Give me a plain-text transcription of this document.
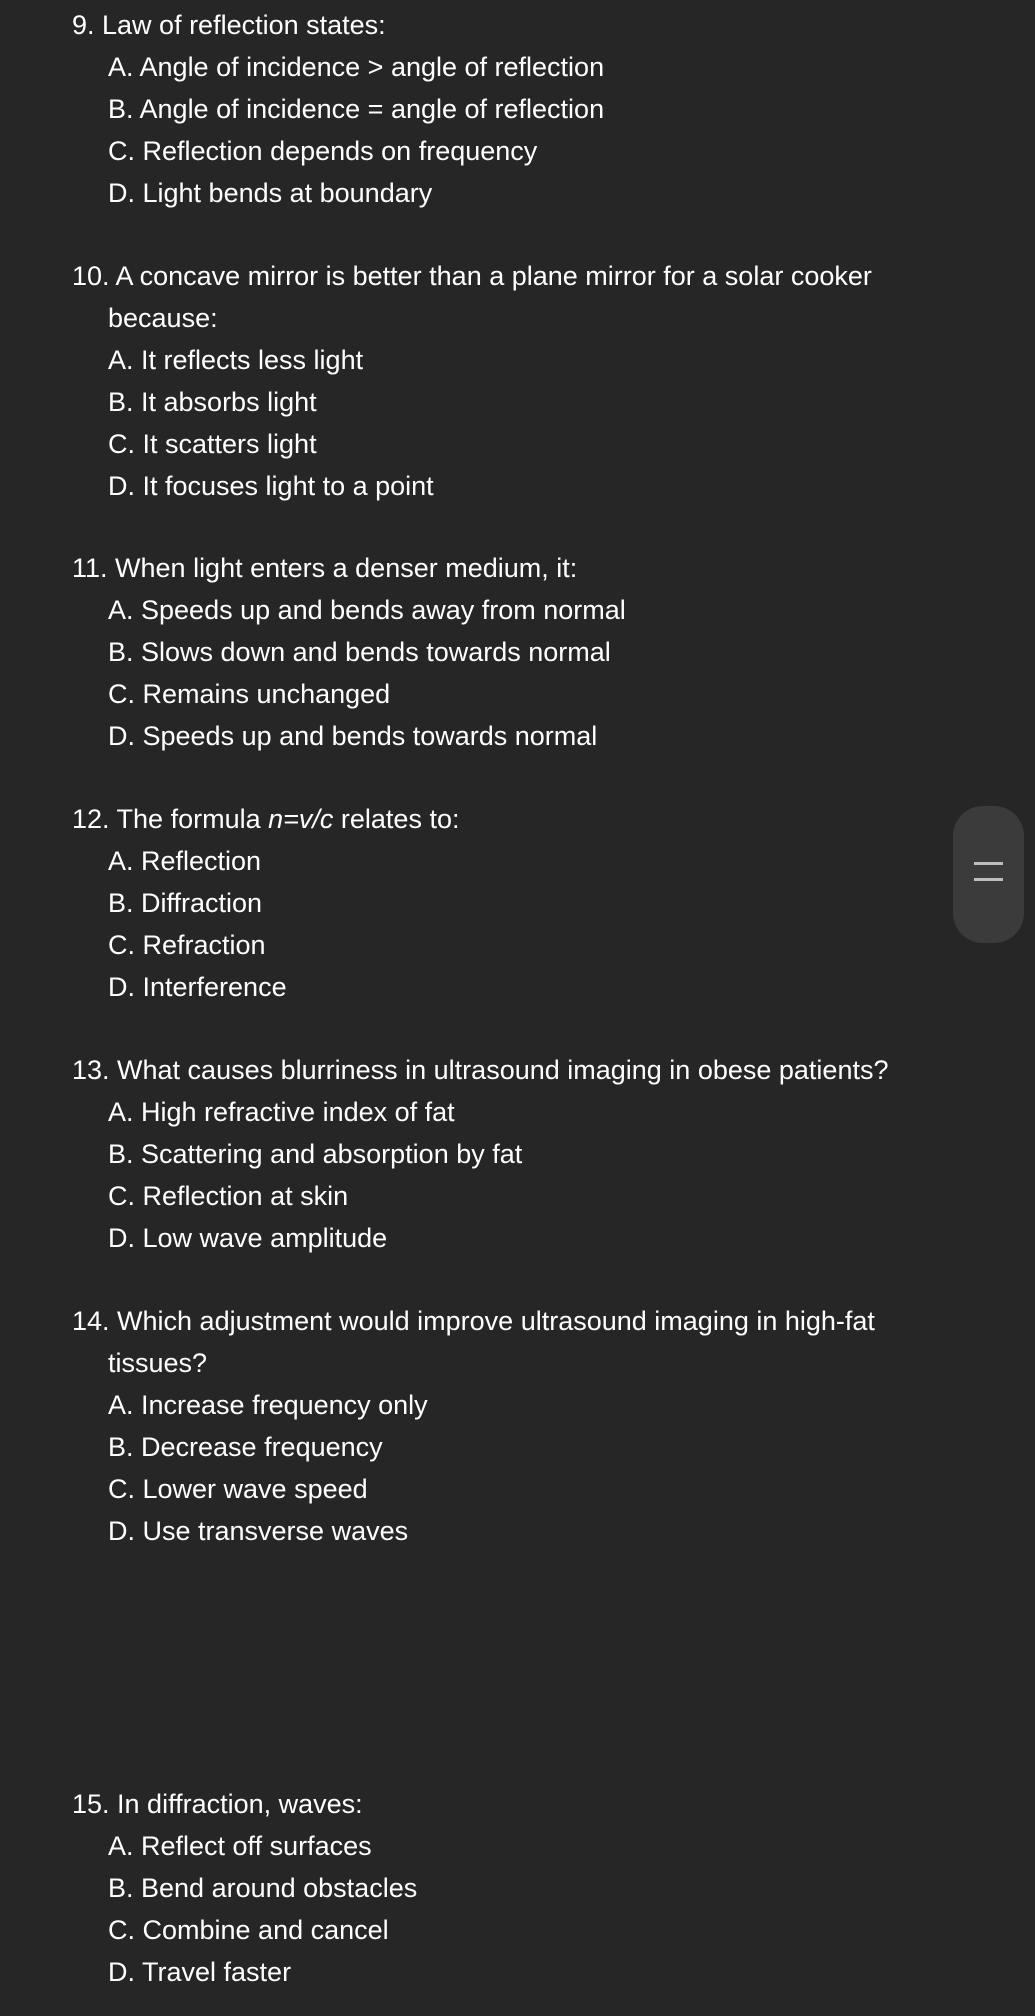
9. Law of reflection states:

A. Angle of incidence > angle of reflection
B. Angle of incidence = angle of reflection
C. Reflection depends on frequency
D. Light bends at boundary

10. A concave mirror is better than a plane mirror for a solar cooker because:

A. It reflects less light
B. It absorbs light
C. It scatters light
D. It focuses light to a point

11. When light enters a denser medium, it:

A. Speeds up and bends away from normal
B. Slows down and bends towards normal
C. Remains unchanged
D. Speeds up and bends towards normal

12. The formula n=v/c relates to:

A. Reflection
B. Diffraction
C. Refraction
D. Interference

13. What causes blurriness in ultrasound imaging in obese patients?

A. High refractive index of fat
B. Scattering and absorption by fat
C. Reflection at skin
D. Low wave amplitude

14. Which adjustment would improve ultrasound imaging in high-fat tissues?

A. Increase frequency only
B. Decrease frequency
C. Lower wave speed
D. Use transverse waves

15. In diffraction, waves:

A. Reflect off surfaces
B. Bend around obstacles
C. Combine and cancel
D. Travel faster
